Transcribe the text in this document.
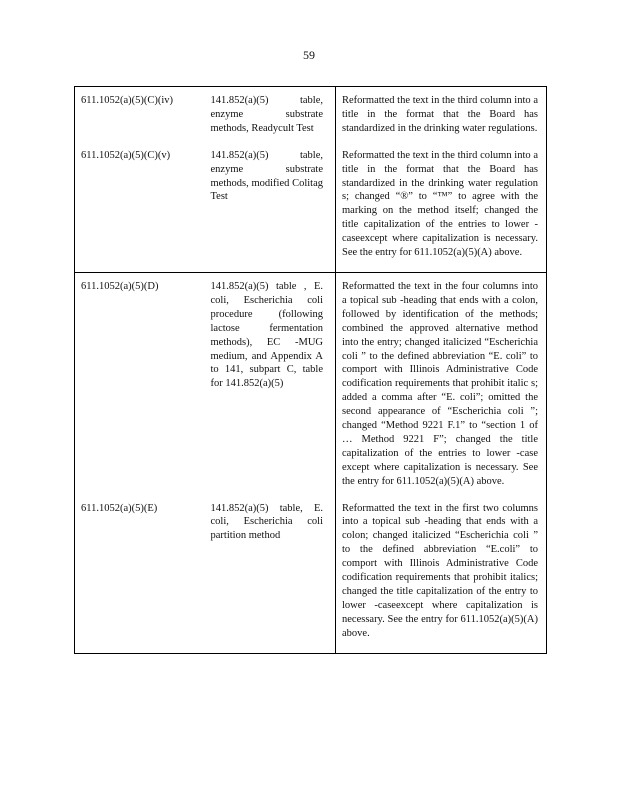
59
611.1052(a)(5)(C)(iv)	141.852(a)(5) table, enzyme substrate methods, Readycult Test	Reformatted the text in the third column into a title in the format that the Board has standardized in the drinking water regulations.

611.1052(a)(5)(C)(v)	141.852(a)(5) table, enzyme substrate methods, modified Colitag Test	Reformatted the text in the third column into a title in the format that the Board has standardized in the drinking water regulation s; changed “®” to “™” to agree with the marking on the method itself; changed the title capitalization of the entries to lower -caseexcept where capitalization is necessary. See the entry for 611.1052(a)(5)(A) above.
611.1052(a)(5)(D)	141.852(a)(5) table , E. coli, Escherichia coli procedure (following lactose fermentation methods), EC -MUG medium, and Appendix A to 141, subpart C, table for 141.852(a)(5)	Reformatted the text in the four columns into a topical sub -heading that ends with a colon, followed by identification of the methods; combined the approved alternative method into the entry; changed italicized “Escherichia coli ” to the defined abbreviation “E. coli” to comport with Illinois Administrative Code codification requirements that prohibit italic s; added a comma after “E. coli”; omitted the second appearance of “Escherichia coli ”; changed “Method 9221 F.1” to “section 1 of … Method 9221 F”; changed the title capitalization of the entries to lower -case except where capitalization is necessary. See the entry for 611.1052(a)(5)(A) above.

611.1052(a)(5)(E)	141.852(a)(5) table, E. coli, Escherichia coli partition method	Reformatted the text in the first two columns into a topical sub -heading that ends with a colon; changed italicized “Escherichia coli ” to the defined abbreviation “E.coli” to comport with Illinois Administrative Code codification requirements that prohibit italics; changed the title capitalization of the entry to lower -caseexcept where capitalization is necessary. See the entry for 611.1052(a)(5)(A) above.
